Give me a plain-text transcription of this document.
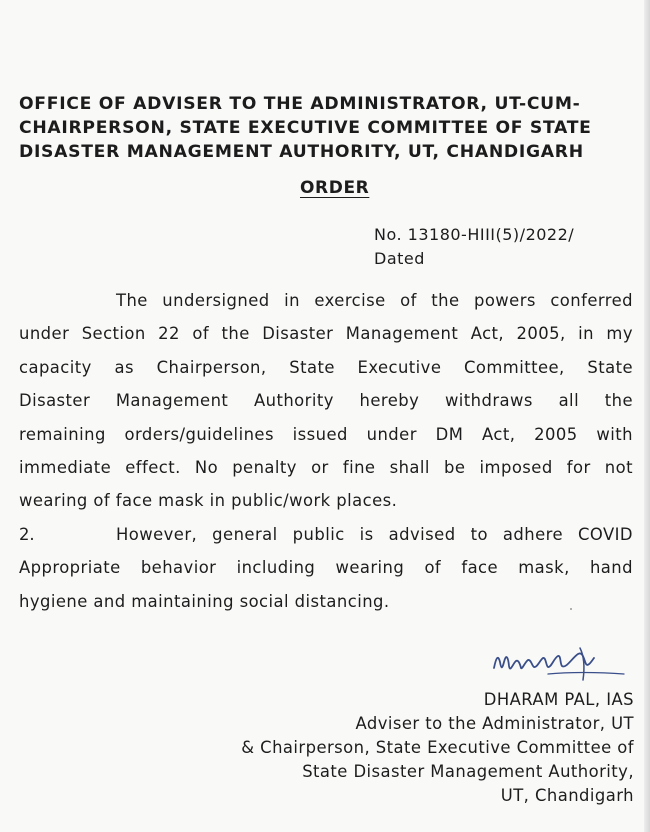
OFFICE OF ADVISER TO THE ADMINISTRATOR, UT-CUM-
CHAIRPERSON, STATE EXECUTIVE COMMITTEE OF STATE
DISASTER MANAGEMENT AUTHORITY, UT, CHANDIGARH
ORDER
No. 13180-HIII(5)/2022/
Dated
The undersigned in exercise of the powers conferred
under Section 22 of the Disaster Management Act, 2005, in my
capacity as Chairperson, State Executive Committee, State
Disaster Management Authority hereby withdraws all the
remaining orders/guidelines issued under DM Act, 2005 with
immediate effect. No penalty or fine shall be imposed for not
wearing of face mask in public/work places.
2.	However, general public is advised to adhere COVID
Appropriate behavior including wearing of face mask, hand
hygiene and maintaining social distancing.
DHARAM PAL, IAS
Adviser to the Administrator, UT
& Chairperson, State Executive Committee of
State Disaster Management Authority,
UT, Chandigarh
